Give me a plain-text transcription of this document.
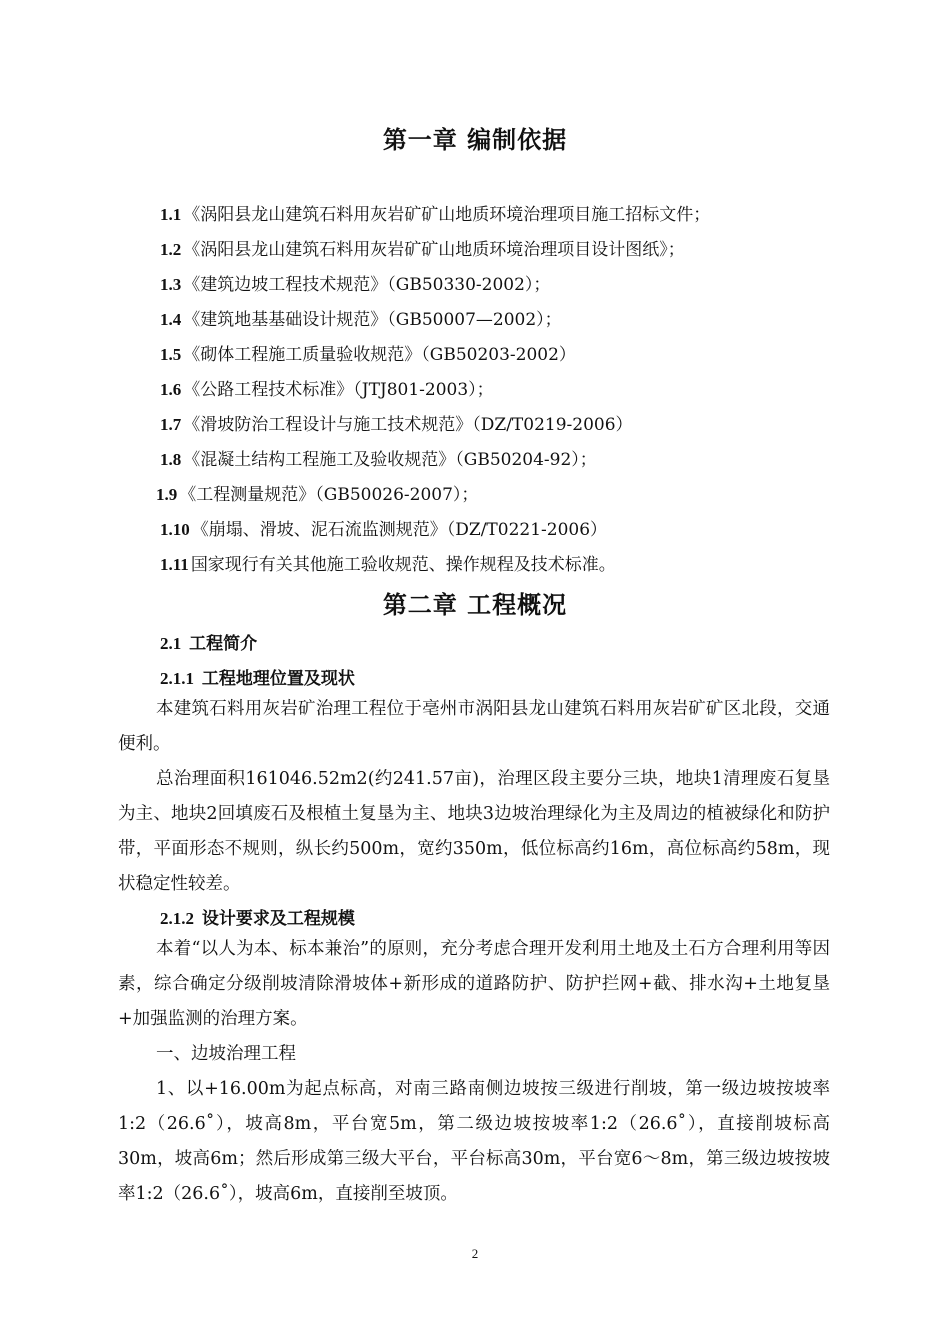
第一章 编制依据

1.1 《涡阳县龙山建筑石料用灰岩矿矿山地质环境治理项目施工招标文件；

1.2 《涡阳县龙山建筑石料用灰岩矿矿山地质环境治理项目设计图纸》；

1.3 《建筑边坡工程技术规范》（GB50330-2002）；

1.4 《建筑地基基础设计规范》（GB50007—2002）；

1.5 《砌体工程施工质量验收规范》（GB50203-2002）

1.6 《公路工程技术标准》（JTJ801-2003）；

1.7 《滑坡防治工程设计与施工技术规范》（DZ/T0219-2006）

1.8 《混凝土结构工程施工及验收规范》（GB50204-92）；

1.9 《工程测量规范》（GB50026-2007）；

1.10 《崩塌、滑坡、泥石流监测规范》（DZ/T0221-2006）

1.11 国家现行有关其他施工验收规范、操作规程及技术标准。

第二章 工程概况

2.1 工程简介

2.1.1 工程地理位置及现状

本建筑石料用灰岩矿治理工程位于亳州市涡阳县龙山建筑石料用灰岩矿矿区北段，交通便利。

总治理面积161046.52m2(约241.57亩)，治理区段主要分三块，地块1清理废石复垦为主、地块2回填废石及根植土复垦为主、地块3边坡治理绿化为主及周边的植被绿化和防护带，平面形态不规则，纵长约500m，宽约350m，低位标高约16m，高位标高约58m，现状稳定性较差。

2.1.2 设计要求及工程规模

本着“以人为本、标本兼治”的原则，充分考虑合理开发利用土地及土石方合理利用等因素，综合确定分级削坡清除滑坡体+新形成的道路防护、防护拦网+截、排水沟+土地复垦+加强监测的治理方案。

一、边坡治理工程

1、以+16.00m为起点标高，对南三路南侧边坡按三级进行削坡，第一级边坡按坡率1:2（26.6˚），坡高8m，平台宽5m，第二级边坡按坡率1:2（26.6˚），直接削坡标高30m，坡高6m；然后形成第三级大平台，平台标高30m，平台宽6～8m，第三级边坡按坡率1:2（26.6˚），坡高6m，直接削至坡顶。

2
